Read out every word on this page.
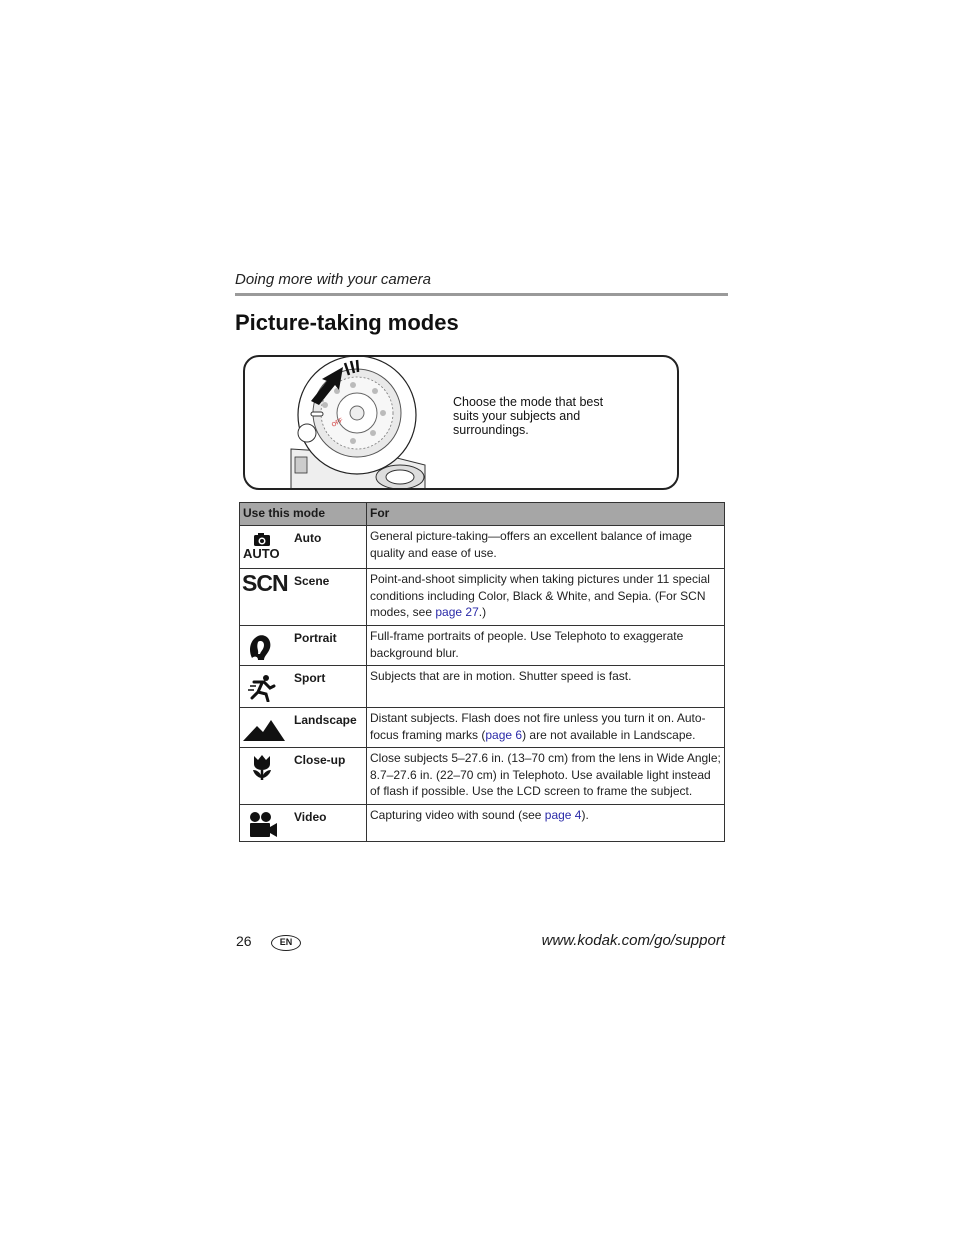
Doing more with your camera
Picture-taking modes
OFF
Choose the mode that best suits your subjects and surroundings.
Use this mode	For

AUTO
Auto	General picture-taking—offers an excellent balance of image quality and ease of use.

SCN Scene	Point-and-shoot simplicity when taking pictures under 11 special conditions including Color, Black & White, and Sepia. (For SCN modes, see page 27.)

Portrait	Full-frame portraits of people. Use Telephoto to exaggerate background blur.

Sport	Subjects that are in motion. Shutter speed is fast.

Landscape	Distant subjects. Flash does not fire unless you turn it on. Auto-focus framing marks (page 6) are not available in Landscape.

Close-up	Close subjects 5–27.6 in. (13–70 cm) from the lens in Wide Angle; 8.7–27.6 in. (22–70 cm) in Telephoto. Use available light instead of flash if possible. Use the LCD screen to frame the subject.

Video	Capturing video with sound (see page 4).
26	EN	www.kodak.com/go/support
